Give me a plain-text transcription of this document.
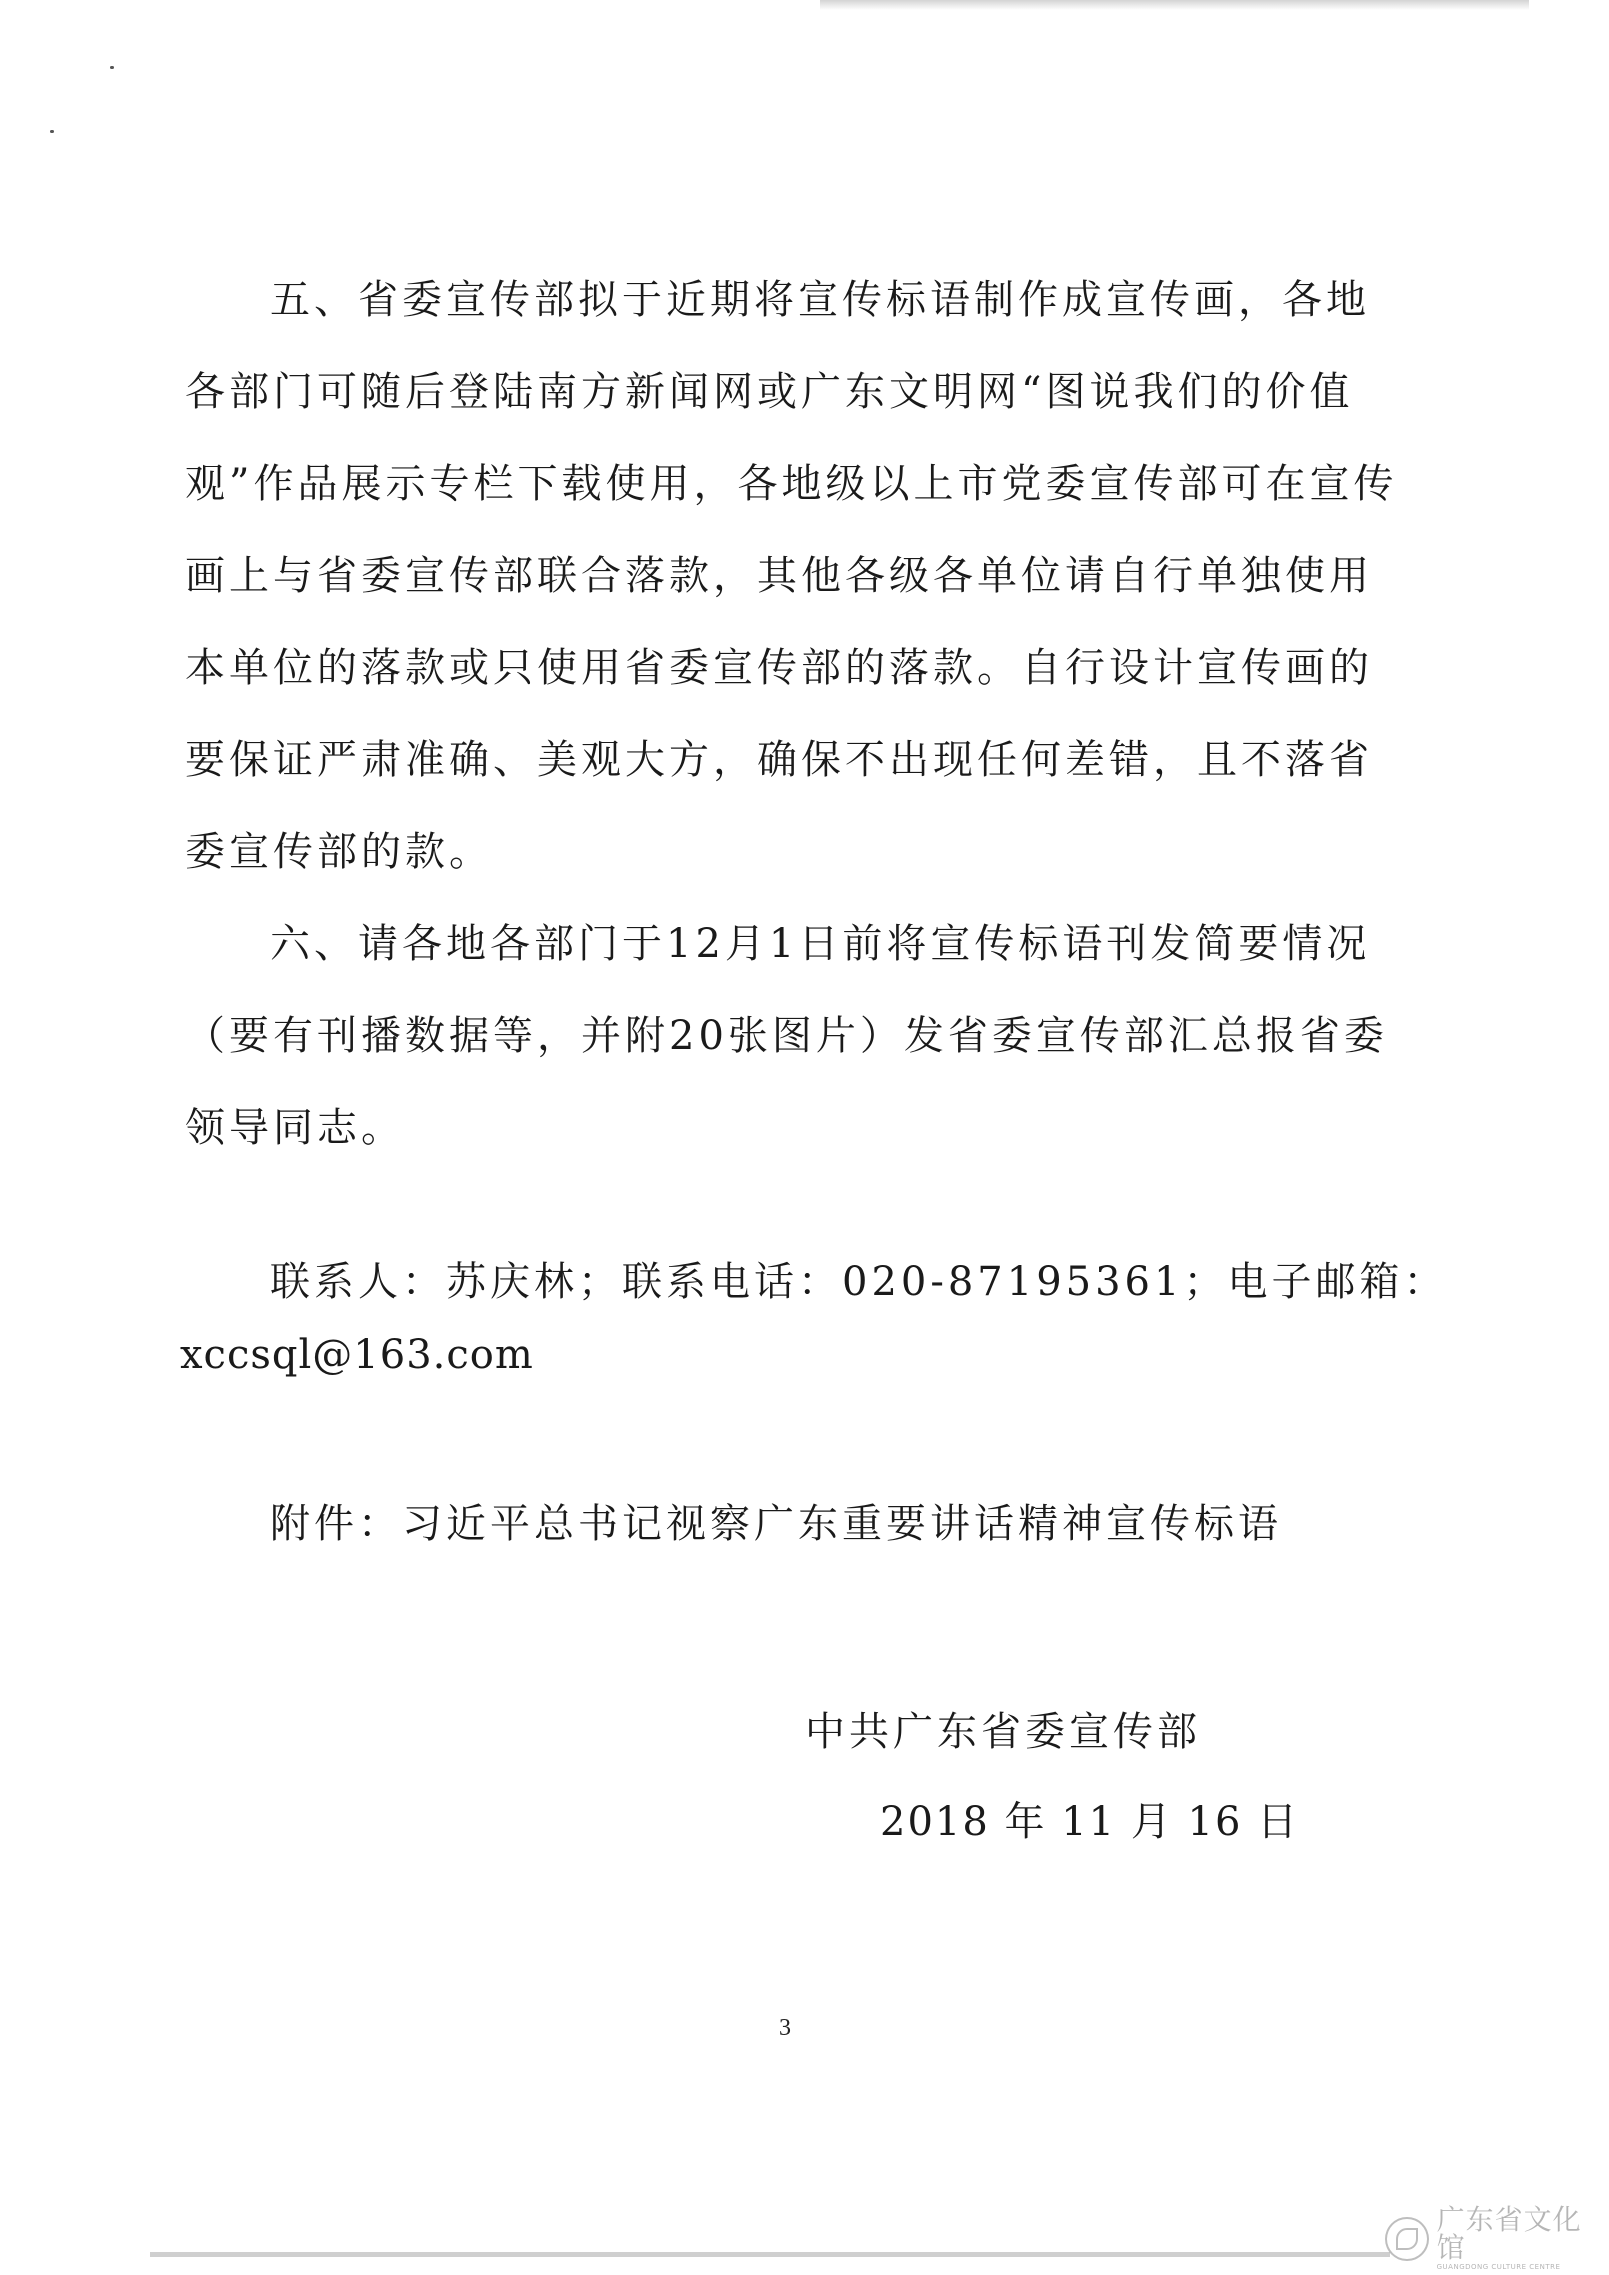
五、省委宣传部拟于近期将宣传标语制作成宣传画，各地
各部门可随后登陆南方新闻网或广东文明网“图说我们的价值
观”作品展示专栏下载使用，各地级以上市党委宣传部可在宣传
画上与省委宣传部联合落款，其他各级各单位请自行单独使用
本单位的落款或只使用省委宣传部的落款。自行设计宣传画的
要保证严肃准确、美观大方，确保不出现任何差错，且不落省
委宣传部的款。
六、请各地各部门于12月1日前将宣传标语刊发简要情况
（要有刊播数据等，并附20张图片）发省委宣传部汇总报省委
领导同志。
联系人：苏庆林；联系电话：020-87195361；电子邮箱：
xccsql@163.com
附件：习近平总书记视察广东重要讲话精神宣传标语
中共广东省委宣传部
2018 年 11 月 16 日
3
广东省文化馆
GUANGDONG CULTURE CENTRE
